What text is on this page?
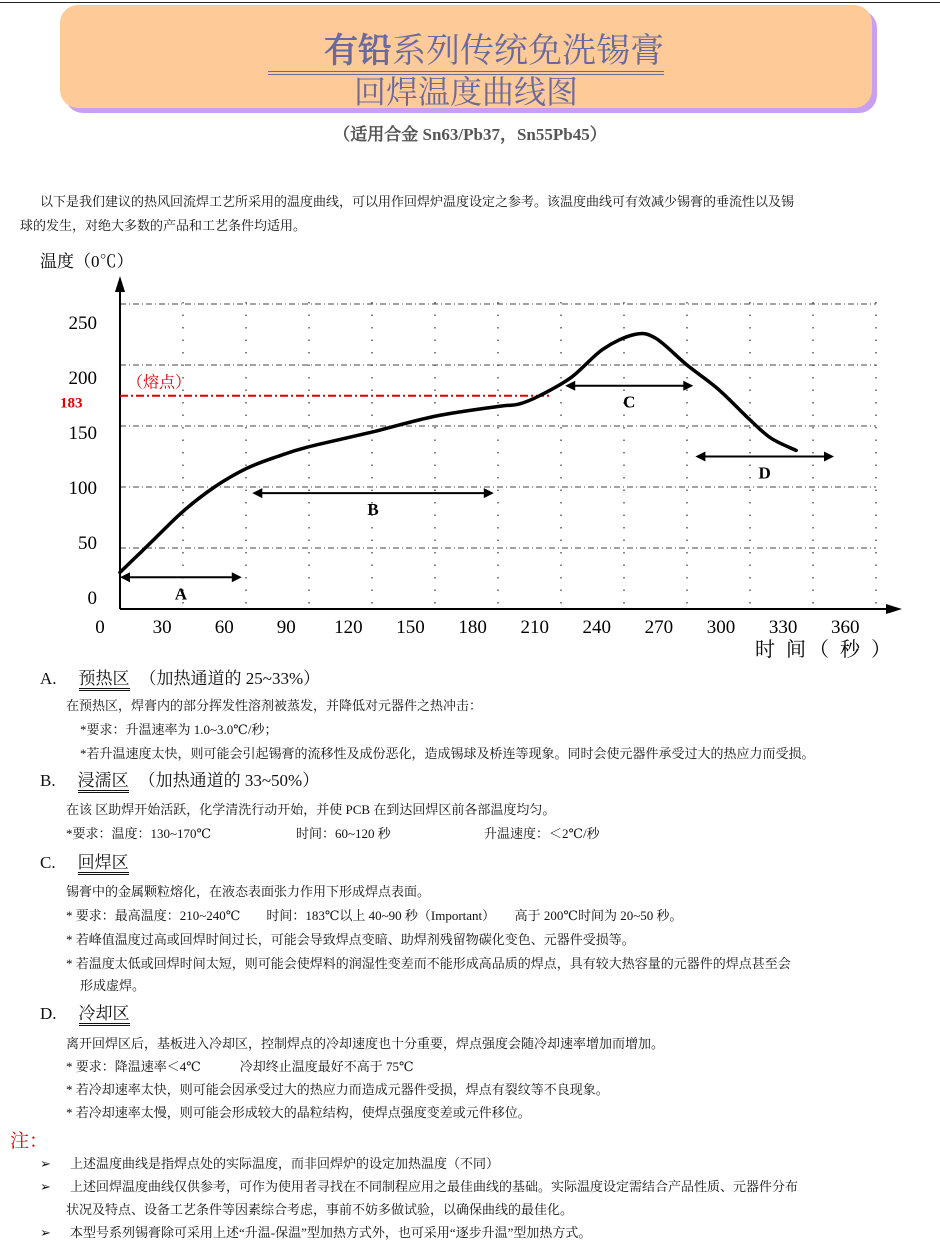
有铅系列传统免洗锡膏
回焊温度曲线图
（适用合金 Sn63/Pb37，Sn55Pb45）
以下是我们建议的热风回流焊工艺所采用的温度曲线，可以用作回焊炉温度设定之参考。该温度曲线可有效减少锡膏的垂流性以及锡
球的发生，对绝大多数的产品和工艺条件均适用。
0	30 60 90 120 150 180 210 240 270 300 330 360
0
50
100
150
200
250
温度（0℃）
时 间（ 秒 ）
183
（熔点）
A
B
C
D
A. 预热区 （加热通道的 25~33%）
在预热区，焊膏内的部分挥发性溶剂被蒸发，并降低对元器件之热冲击：
*要求：升温速率为 1.0~3.0℃/秒；
*若升温速度太快，则可能会引起锡膏的流移性及成份恶化，造成锡球及桥连等现象。同时会使元器件承受过大的热应力而受损。
B. 浸濡区 （加热通道的 33~50%）
在该 区助焊开始活跃，化学清洗行动开始，并使 PCB 在到达回焊区前各部温度均匀。
*要求：温度：130~170℃	时间：60~120 秒	升温速度：＜2℃/秒
C. 回焊区
锡膏中的金属颗粒熔化，在液态表面张力作用下形成焊点表面。
* 要求：最高温度：210~240℃　　时间：183℃以上 40~90 秒（Important）　　高于 200℃时间为 20~50 秒。
* 若峰值温度过高或回焊时间过长，可能会导致焊点变暗、助焊剂残留物碳化变色、元器件受损等。
* 若温度太低或回焊时间太短，则可能会使焊料的润湿性变差而不能形成高品质的焊点，具有较大热容量的元器件的焊点甚至会
形成虚焊。
D. 冷却区
离开回焊区后，基板进入冷却区，控制焊点的冷却速度也十分重要，焊点强度会随冷却速率增加而增加。
* 要求：降温速率＜4℃　　　冷却终止温度最好不高于 75℃
* 若冷却速率太快，则可能会因承受过大的热应力而造成元器件受损，焊点有裂纹等不良现象。
* 若冷却速率太慢，则可能会形成较大的晶粒结构，使焊点强度变差或元件移位。
注：
➢ 上述温度曲线是指焊点处的实际温度，而非回焊炉的设定加热温度（不同）
➢ 上述回焊温度曲线仅供参考，可作为使用者寻找在不同制程应用之最佳曲线的基础。实际温度设定需结合产品性质、元器件分布
状况及特点、设备工艺条件等因素综合考虑，事前不妨多做试验，以确保曲线的最佳化。
➢ 本型号系列锡膏除可采用上述“升温-保温”型加热方式外，也可采用“逐步升温”型加热方式。
